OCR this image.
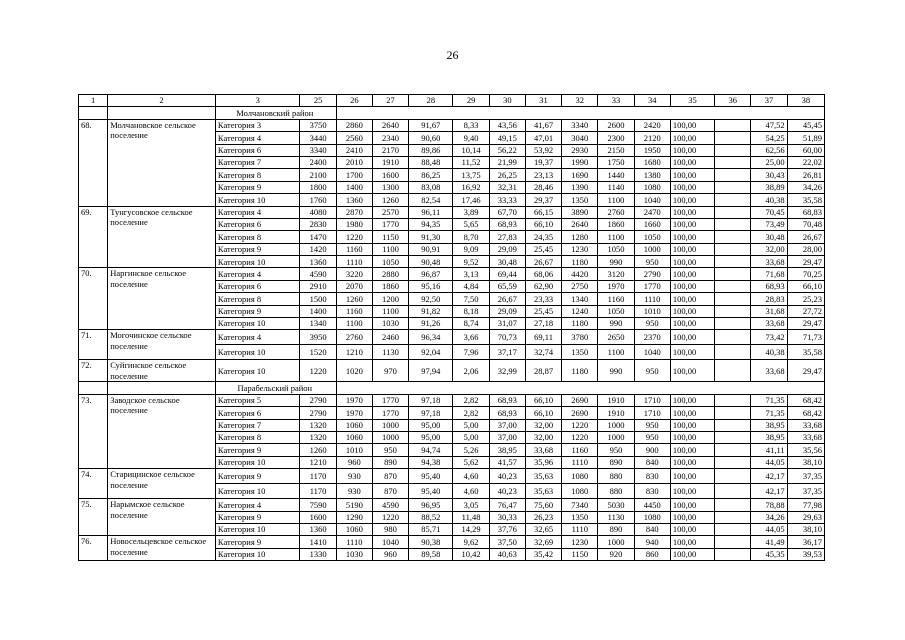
26
1	2	3	25	26	27	28	29	30	31	32	33	34	35	36	37	38
		Молчановский район														
68.	Молчановское сельское поселение	Категория 3	3750	2860	2640	91,67	8,33	43,56	41,67	3340	2600	2420	100,00		47,52	45,45
		Категория 4	3440	2560	2340	90,60	9,40	49,15	47,01	3040	2300	2120	100,00		54,25	51,89
		Категория 6	3340	2410	2170	89,86	10,14	56,22	53,92	2930	2150	1950	100,00		62,56	60,00
		Категория 7	2400	2010	1910	88,48	11,52	21,99	19,37	1990	1750	1680	100,00		25,00	22,02
		Категория 8	2100	1700	1600	86,25	13,75	26,25	23,13	1690	1440	1380	100,00		30,43	26,81
		Категория 9	1800	1400	1300	83,08	16,92	32,31	28,46	1390	1140	1080	100,00		38,89	34,26
		Категория 10	1760	1360	1260	82,54	17,46	33,33	29,37	1350	1100	1040	100,00		40,38	35,58
69.	Тунгусовское сельское поселение	Категория 4	4080	2870	2570	96,11	3,89	67,70	66,15	3890	2760	2470	100,00		70,45	68,83
		Категория 6	2830	1980	1770	94,35	5,65	68,93	66,10	2640	1860	1660	100,00		73,49	70,48
		Категория 8	1470	1220	1150	91,30	8,70	27,83	24,35	1280	1100	1050	100,00		30,48	26,67
		Категория 9	1420	1160	1100	90,91	9,09	29,09	25,45	1230	1050	1000	100,00		32,00	28,00
		Категория 10	1360	1110	1050	90,48	9,52	30,48	26,67	1180	990	950	100,00		33,68	29,47
70.	Наргинское сельское поселение	Категория 4	4590	3220	2880	96,87	3,13	69,44	68,06	4420	3120	2790	100,00		71,68	70,25
		Категория 6	2910	2070	1860	95,16	4,84	65,59	62,90	2750	1970	1770	100,00		68,93	66,10
		Категория 8	1500	1260	1200	92,50	7,50	26,67	23,33	1340	1160	1110	100,00		28,83	25,23
		Категория 9	1400	1160	1100	91,82	8,18	29,09	25,45	1240	1050	1010	100,00		31,68	27,72
		Категория 10	1340	1100	1030	91,26	8,74	31,07	27,18	1180	990	950	100,00		33,68	29,47
71.	Могочинское сельское поселение	Категория 4	3950	2760	2460	96,34	3,66	70,73	69,11	3780	2650	2370	100,00		73,42	71,73
		Категория 10	1520	1210	1130	92,04	7,96	37,17	32,74	1350	1100	1040	100,00		40,38	35,58
72.	Суйгинское сельское поселение	Категория 10	1220	1020	970	97,94	2,06	32,99	28,87	1180	990	950	100,00		33,68	29,47
		Парабельский район														
73.	Заводское сельское поселение	Категория 5	2790	1970	1770	97,18	2,82	68,93	66,10	2690	1910	1710	100,00		71,35	68,42
		Категория 6	2790	1970	1770	97,18	2,82	68,93	66,10	2690	1910	1710	100,00		71,35	68,42
		Категория 7	1320	1060	1000	95,00	5,00	37,00	32,00	1220	1000	950	100,00		38,95	33,68
		Категория 8	1320	1060	1000	95,00	5,00	37,00	32,00	1220	1000	950	100,00		38,95	33,68
		Категория 9	1260	1010	950	94,74	5,26	38,95	33,68	1160	950	900	100,00		41,11	35,56
		Категория 10	1210	960	890	94,38	5,62	41,57	35,96	1110	890	840	100,00		44,05	38,10
74.	Старицинское сельское поселение	Категория 9	1170	930	870	95,40	4,60	40,23	35,63	1080	880	830	100,00		42,17	37,35
		Категория 10	1170	930	870	95,40	4,60	40,23	35,63	1080	880	830	100,00		42,17	37,35
75.	Нарымское сельское поселение	Категория 4	7590	5190	4590	96,95	3,05	76,47	75,60	7340	5030	4450	100,00		78,88	77,98
		Категория 9	1600	1290	1220	88,52	11,48	30,33	26,23	1350	1130	1080	100,00		34,26	29,63
		Категория 10	1360	1060	980	85,71	14,29	37,76	32,65	1110	890	840	100,00		44,05	38,10
76.	Новосельцевское сельское поселение	Категория 9	1410	1110	1040	90,38	9,62	37,50	32,69	1230	1000	940	100,00		41,49	36,17
		Категория 10	1330	1030	960	89,58	10,42	40,63	35,42	1150	920	860	100,00		45,35	39,53
